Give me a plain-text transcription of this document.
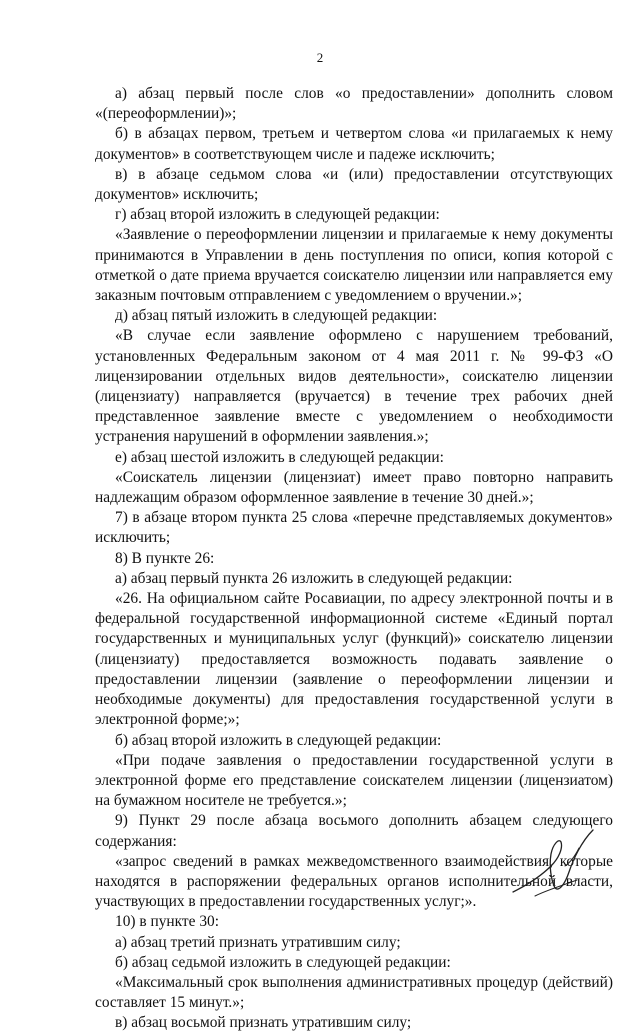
2

а) абзац первый после слов «о предоставлении» дополнить словом «(переоформлении)»;

б) в абзацах первом, третьем и четвертом слова «и прилагаемых к нему документов» в соответствующем числе и падеже исключить;

в) в абзаце седьмом слова «и (или) предоставлении отсутствующих документов» исключить;

г) абзац второй изложить в следующей редакции:

«Заявление о переоформлении лицензии и прилагаемые к нему документы принимаются в Управлении в день поступления по описи, копия которой с отметкой о дате приема вручается соискателю лицензии или направляется ему заказным почтовым отправлением с уведомлением о вручении.»;

д) абзац пятый изложить в следующей редакции:

«В случае если заявление оформлено с нарушением требований, установленных Федеральным законом от 4 мая 2011 г. № 99-ФЗ «О лицензировании отдельных видов деятельности», соискателю лицензии (лицензиату) направляется (вручается) в течение трех рабочих дней представленное заявление вместе с уведомлением о необходимости устранения нарушений в оформлении заявления.»;

е) абзац шестой изложить в следующей редакции:

«Соискатель лицензии (лицензиат) имеет право повторно направить надлежащим образом оформленное заявление в течение 30 дней.»;

7) в абзаце втором пункта 25 слова «перечне представляемых документов» исключить;

8) В пункте 26:

а) абзац первый пункта 26 изложить в следующей редакции:

«26. На официальном сайте Росавиации, по адресу электронной почты и в федеральной государственной информационной системе «Единый портал государственных и муниципальных услуг (функций)» соискателю лицензии (лицензиату) предоставляется возможность подавать заявление о предоставлении лицензии (заявление о переоформлении лицензии и необходимые документы) для предоставления государственной услуги в электронной форме;»;

б) абзац второй изложить в следующей редакции:

«При подаче заявления о предоставлении государственной услуги в электронной форме его представление соискателем лицензии (лицензиатом) на бумажном носителе не требуется.»;

9) Пункт 29 после абзаца восьмого дополнить абзацем следующего содержания:

«запрос сведений в рамках межведомственного взаимодействия, которые находятся в распоряжении федеральных органов исполнительной власти, участвующих в предоставлении государственных услуг;».

10) в пункте 30:

а) абзац третий признать утратившим силу;

б) абзац седьмой изложить в следующей редакции:

«Максимальный срок выполнения административных процедур (действий) составляет 15 минут.»;

в) абзац восьмой признать утратившим силу;
